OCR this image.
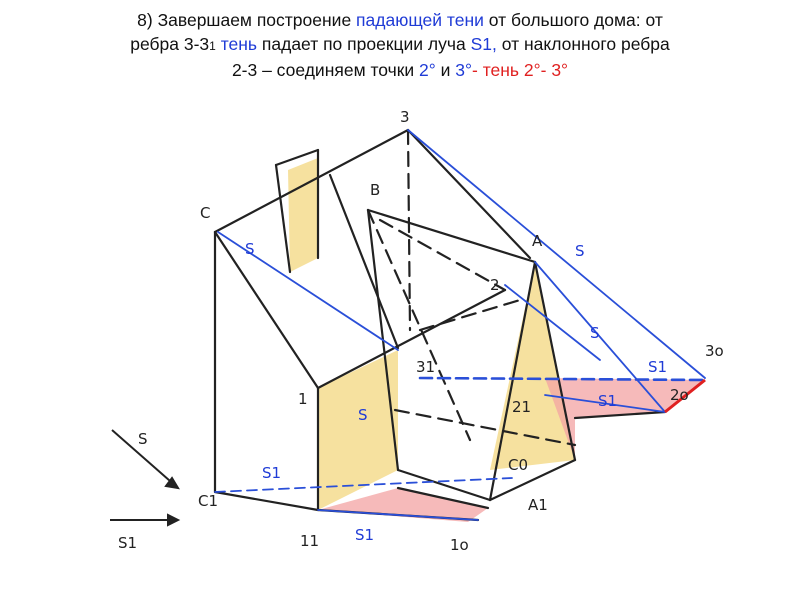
8) Завершаем построение падающей тени от большого дома: от
ребра 3-31 тень падает по проекции луча S1, от наклонного ребра
2-3 – соединяем точки 2° и 3°- тень 2°- 3°
3
B
C
A
2
1
31
21
C1
11
A1
C0
1o
3o
2o
S
S1
S	S
S
S
S1
S1
S1
S1
